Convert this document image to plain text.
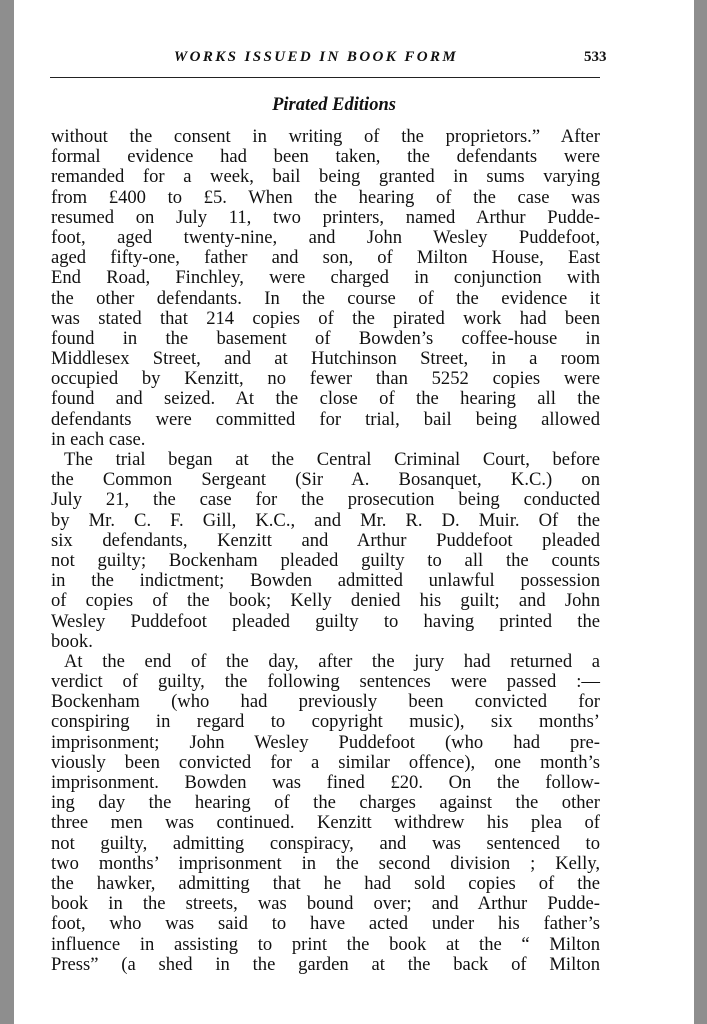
WORKS ISSUED IN BOOK FORM	533
Pirated Editions
without the consent in writing of the proprietors.” After
formal evidence had been taken, the defendants were
remanded for a week, bail being granted in sums varying
from £400 to £5. When the hearing of the case was
resumed on July 11, two printers, named Arthur Pudde-
foot, aged twenty-nine, and John Wesley Puddefoot,
aged fifty-one, father and son, of Milton House, East
End Road, Finchley, were charged in conjunction with
the other defendants. In the course of the evidence it
was stated that 214 copies of the pirated work had been
found in the basement of Bowden’s coffee-house in
Middlesex Street, and at Hutchinson Street, in a room
occupied by Kenzitt, no fewer than 5252 copies were
found and seized. At the close of the hearing all the
defendants were committed for trial, bail being allowed
in each case.
The trial began at the Central Criminal Court, before
the Common Sergeant (Sir A. Bosanquet, K.C.) on
July 21, the case for the prosecution being conducted
by Mr. C. F. Gill, K.C., and Mr. R. D. Muir. Of the
six defendants, Kenzitt and Arthur Puddefoot pleaded
not guilty; Bockenham pleaded guilty to all the counts
in the indictment; Bowden admitted unlawful possession
of copies of the book; Kelly denied his guilt; and John
Wesley Puddefoot pleaded guilty to having printed the
book.
At the end of the day, after the jury had returned a
verdict of guilty, the following sentences were passed :—
Bockenham (who had previously been convicted for
conspiring in regard to copyright music), six months’
imprisonment; John Wesley Puddefoot (who had pre-
viously been convicted for a similar offence), one month’s
imprisonment. Bowden was fined £20. On the follow-
ing day the hearing of the charges against the other
three men was continued. Kenzitt withdrew his plea of
not guilty, admitting conspiracy, and was sentenced to
two months’ imprisonment in the second division ; Kelly,
the hawker, admitting that he had sold copies of the
book in the streets, was bound over; and Arthur Pudde-
foot, who was said to have acted under his father’s
influence in assisting to print the book at the “ Milton
Press” (a shed in the garden at the back of Milton
